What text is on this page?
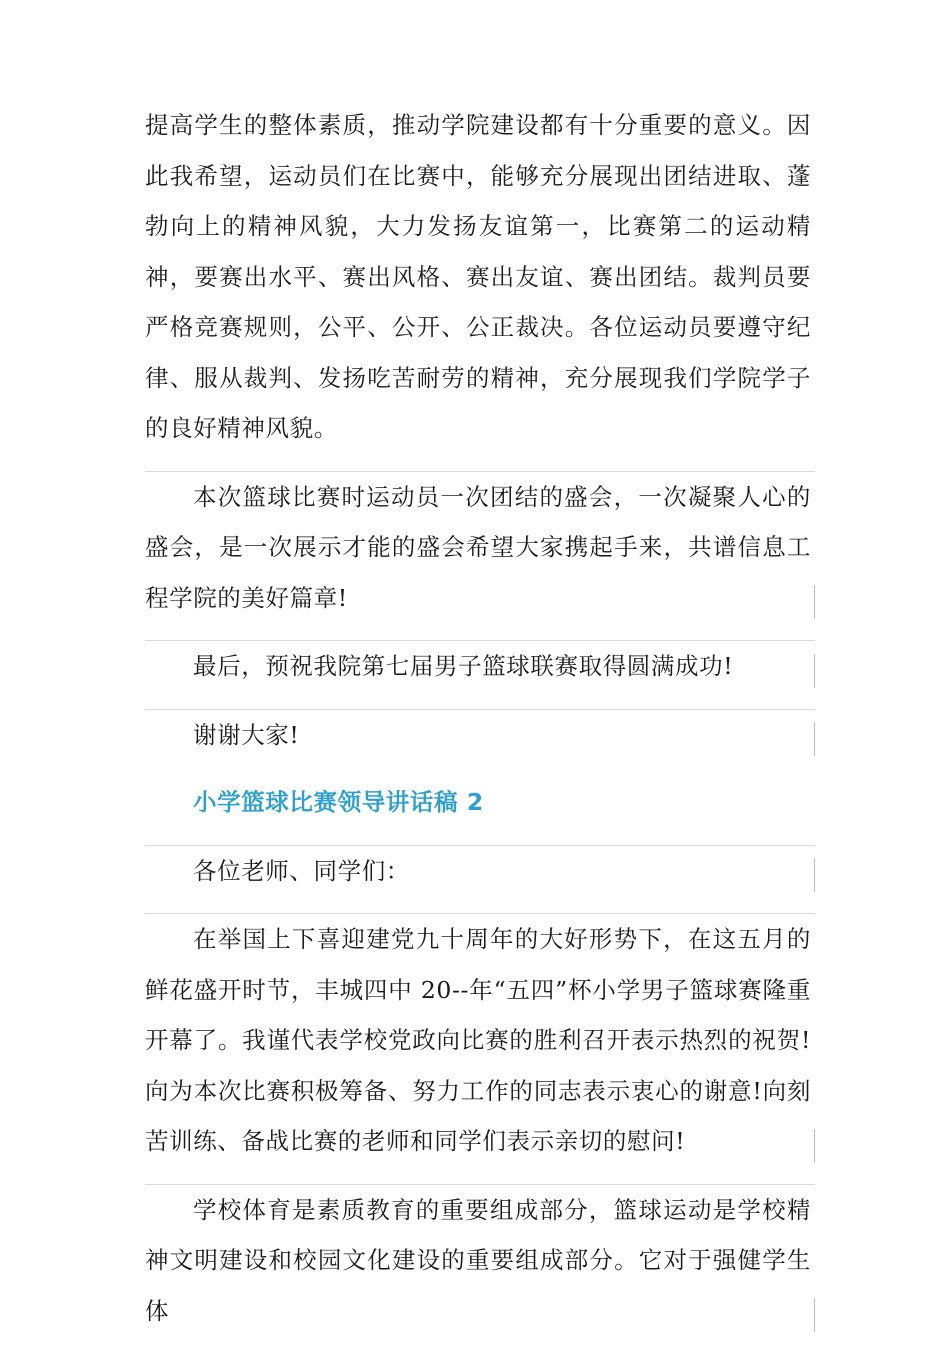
提高学生的整体素质，推动学院建设都有十分重要的意义。因此我希望，运动员们在比赛中，能够充分展现出团结进取、蓬勃向上的精神风貌，大力发扬友谊第一，比赛第二的运动精神，要赛出水平、赛出风格、赛出友谊、赛出团结。裁判员要严格竞赛规则，公平、公开、公正裁决。各位运动员要遵守纪律、服从裁判、发扬吃苦耐劳的精神，充分展现我们学院学子的良好精神风貌。

本次篮球比赛时运动员一次团结的盛会，一次凝聚人心的盛会，是一次展示才能的盛会希望大家携起手来，共谱信息工程学院的美好篇章!

最后，预祝我院第七届男子篮球联赛取得圆满成功!

谢谢大家!

小学篮球比赛领导讲话稿 2

各位老师、同学们：

在举国上下喜迎建党九十周年的大好形势下，在这五月的鲜花盛开时节，丰城四中 20--年“五四”杯小学男子篮球赛隆重开幕了。我谨代表学校党政向比赛的胜利召开表示热烈的祝贺!向为本次比赛积极筹备、努力工作的同志表示衷心的谢意!向刻苦训练、备战比赛的老师和同学们表示亲切的慰问!

学校体育是素质教育的重要组成部分，篮球运动是学校精神文明建设和校园文化建设的重要组成部分。它对于强健学生体
